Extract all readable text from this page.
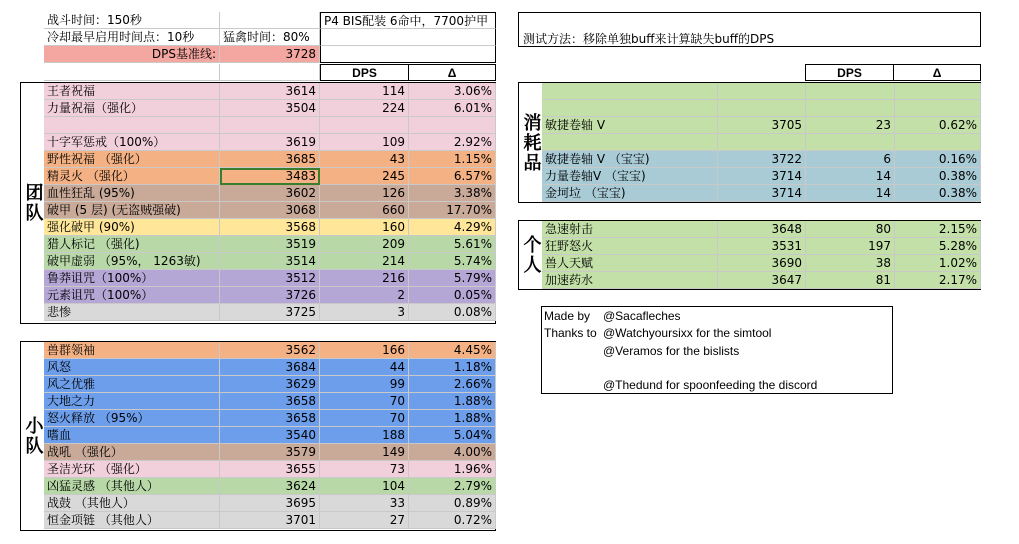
战斗时间：150秒	P4 BIS配装 6命中，7700护甲
冷却最早启用时间点：10秒	猛禽时间：80%
DPS基准线:	3728
DPS	Δ
团队
王者祝福	3614	114	3.06%
力量祝福（强化）	3504	224	6.01%
十字军惩戒（100%）	3619	109	2.92%
野性祝福 （强化）	3685	43	1.15%
精灵火 （强化）	3483	245	6.57%
血性狂乱 (95%)	3602	126	3.38%
破甲 (5 层) (无盗贼强破)	3068	660	17.70%
强化破甲 (90%)	3568	160	4.29%
猎人标记 （强化)	3519	209	5.61%
破甲虚弱 （95%， 1263敏)	3514	214	5.74%
鲁莽诅咒（100%）	3512	216	5.79%
元素诅咒（100%）	3726	2	0.05%
悲惨	3725	3	0.08%
小队
兽群领袖	3562	166	4.45%
风怒	3684	44	1.18%
风之优雅	3629	99	2.66%
大地之力	3658	70	1.88%
怒火释放 （95%）	3658	70	1.88%
嗜血	3540	188	5.04%
战吼 （强化）	3579	149	4.00%
圣洁光环 （强化）	3655	73	1.96%
凶猛灵感 （其他人）	3624	104	2.79%
战鼓 （其他人）	3695	33	0.89%
恒金项链 （其他人）	3701	27	0.72%
测试方法：移除单独buff来计算缺失buff的DPS
DPS	Δ
消耗品 敏捷卷轴 V	3705	23	0.62%
敏捷卷轴 V （宝宝)	3722	6	0.16%
力量卷轴V （宝宝)	3714	14	0.38%
金坷垃 （宝宝)	3714	14	0.38%
个人
急速射击	3648	80	2.15%
狂野怒火	3531	197	5.28%
兽人天赋	3690	38	1.02%
加速药水	3647	81	2.17%
Made by @Sacafleches
Thanks to @Watchyoursixx for the simtool
@Veramos for the bislists
@Thedund for spoonfeeding the discord
